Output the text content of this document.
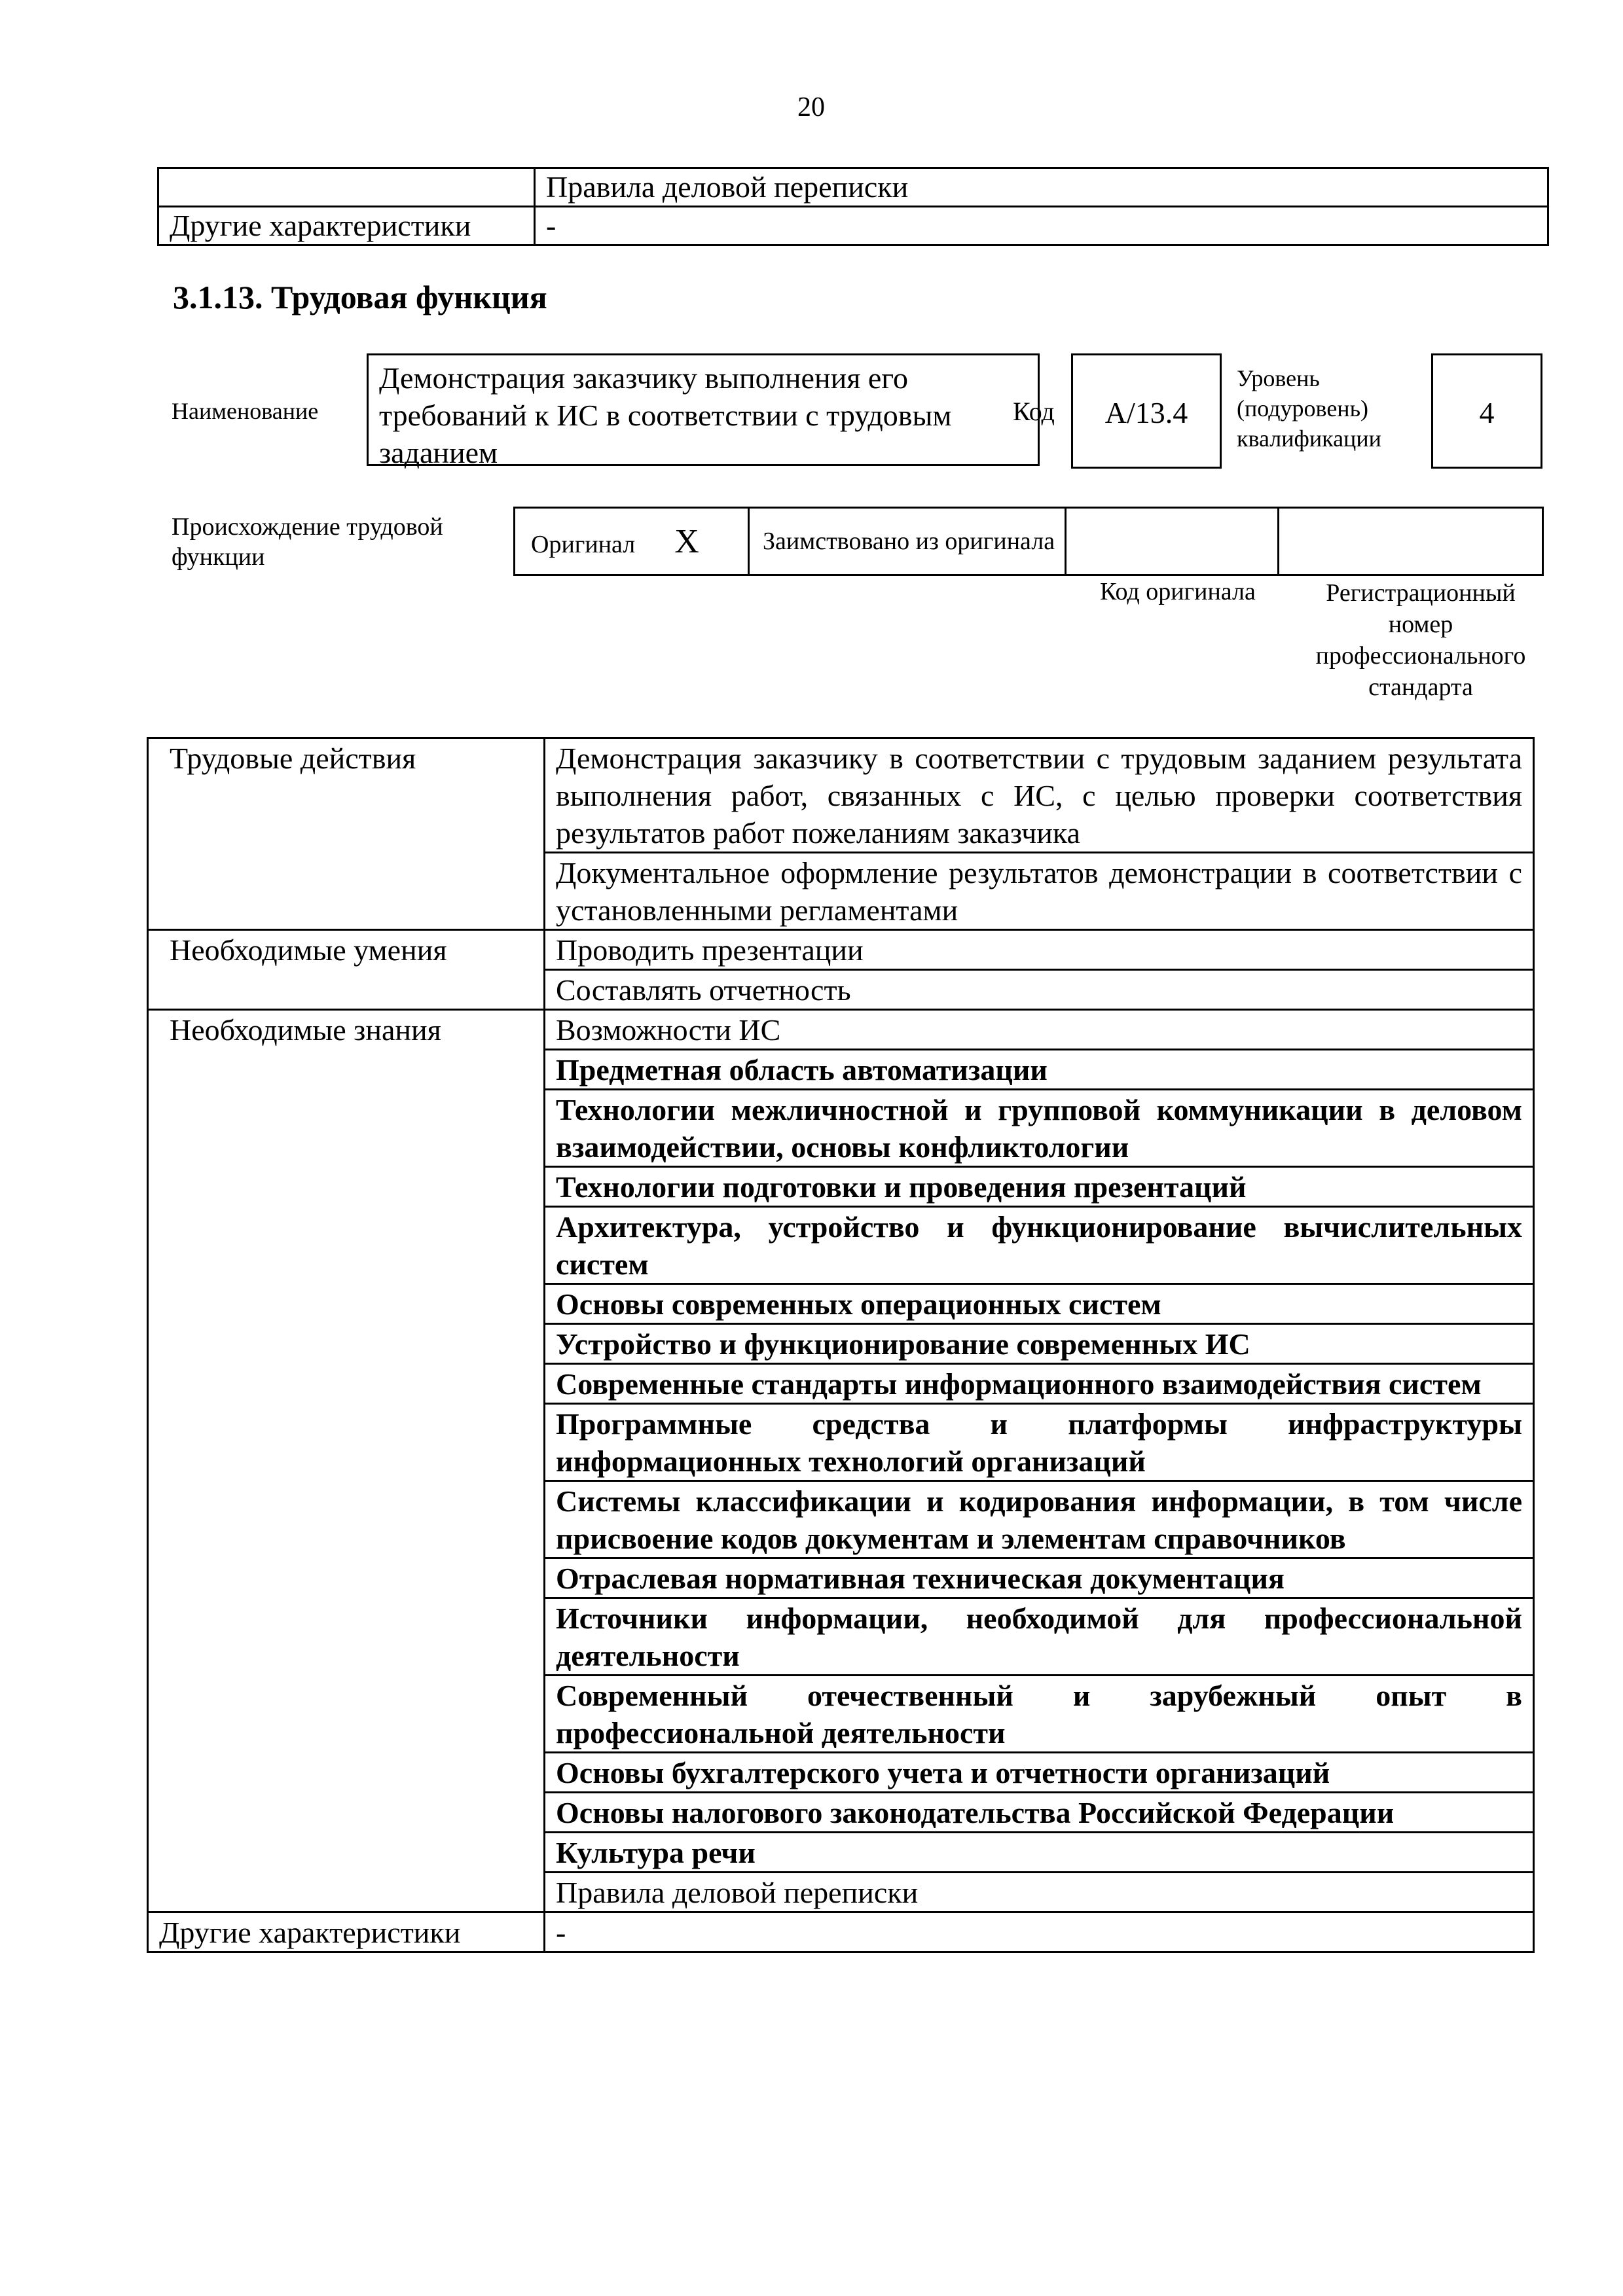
20
	Правила деловой переписки
Другие характеристики	-
3.1.13. Трудовая функция
Наименование
Демонстрация заказчику выполнения его требований к ИС в соответствии с трудовым заданием
Код	A/13.4
Уровень (подуровень) квалификации
4
Происхождение трудовой функции	Оригинал X	Заимствовано из оригинала		
Код оригинала	Регистрационный номер профессионального стандарта
Трудовые действия	Демонстрация заказчику в соответствии с трудовым заданием результата выполнения работ, связанных с ИС, с целью проверки соответствия результатов работ пожеланиям заказчика
	Документальное оформление результатов демонстрации в соответствии с установленными регламентами
Необходимые умения	Проводить презентации
	Составлять отчетность
Необходимые знания	Возможности ИС
	Предметная область автоматизации
	Технологии межличностной и групповой коммуникации в деловом взаимодействии, основы конфликтологии
	Технологии подготовки и проведения презентаций
	Архитектура, устройство и функционирование вычислительных систем
	Основы современных операционных систем
	Устройство и функционирование современных ИС
	Современные стандарты информационного взаимодействия систем
	Программные средства и платформы инфраструктуры информационных технологий организаций
	Системы классификации и кодирования информации, в том числе присвоение кодов документам и элементам справочников
	Отраслевая нормативная техническая документация
	Источники информации, необходимой для профессиональной деятельности
	Современный отечественный и зарубежный опыт в профессиональной деятельности
	Основы бухгалтерского учета и отчетности организаций
	Основы налогового законодательства Российской Федерации
	Культура речи
	Правила деловой переписки
Другие характеристики	-
